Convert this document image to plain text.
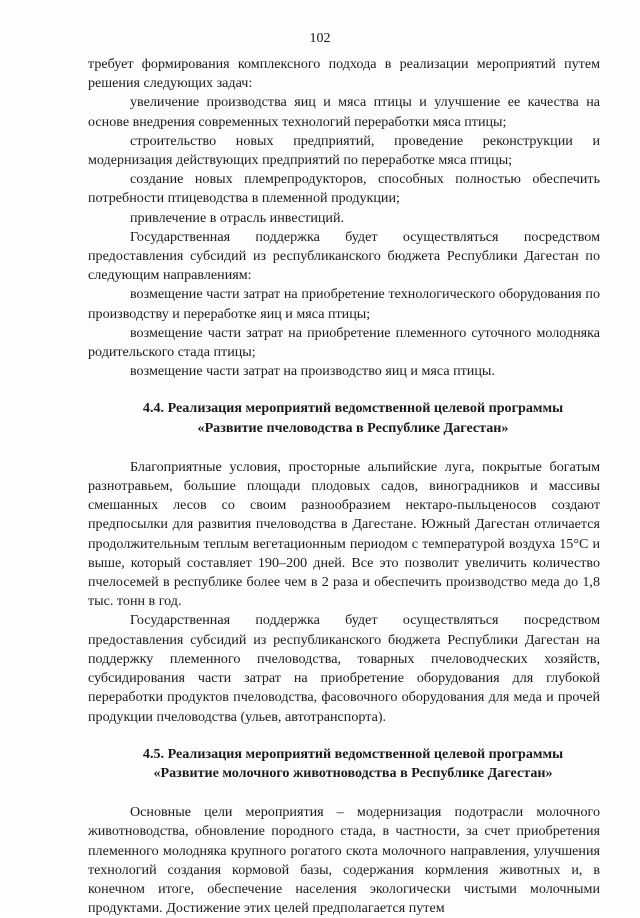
102

требует формирования комплексного подхода в реализации мероприятий путем решения следующих задач:

увеличение производства яиц и мяса птицы и улучшение ее качества на основе внедрения современных технологий переработки мяса птицы;

строительство новых предприятий, проведение реконструкции и модернизация действующих предприятий по переработке мяса птицы;

создание новых племрепродукторов, способных полностью обеспечить потребности птицеводства в племенной продукции;

привлечение в отрасль инвестиций.

Государственная поддержка будет осуществляться посредством предоставления субсидий из республиканского бюджета Республики Дагестан по следующим направлениям:

возмещение части затрат на приобретение технологического оборудования по производству и переработке яиц и мяса птицы;

возмещение части затрат на приобретение племенного суточного молодняка родительского стада птицы;

возмещение части затрат на производство яиц и мяса птицы.

4.4. Реализация мероприятий ведомственной целевой программы
«Развитие пчеловодства в Республике Дагестан»

Благоприятные условия, просторные альпийские луга, покрытые богатым разнотравьем, большие площади плодовых садов, виноградников и массивы смешанных лесов со своим разнообразием нектаро-пыльценосов создают предпосылки для развития пчеловодства в Дагестане. Южный Дагестан отличается продолжительным теплым вегетационным периодом с температурой воздуха 15°С и выше, который составляет 190–200 дней. Все это позволит увеличить количество пчелосемей в республике более чем в 2 раза и обеспечить производство меда до 1,8 тыс. тонн в год.

Государственная поддержка будет осуществляться посредством предоставления субсидий из республиканского бюджета Республики Дагестан на поддержку племенного пчеловодства, товарных пчеловодческих хозяйств, субсидирования части затрат на приобретение оборудования для глубокой переработки продуктов пчеловодства, фасовочного оборудования для меда и прочей продукции пчеловодства (ульев, автотранспорта).

4.5. Реализация мероприятий ведомственной целевой программы
«Развитие молочного животноводства в Республике Дагестан»

Основные цели мероприятия – модернизация подотрасли молочного животноводства, обновление породного стада, в частности, за счет приобретения племенного молодняка крупного рогатого скота молочного направления, улучшения технологий создания кормовой базы, содержания кормления животных и, в конечном итоге, обеспечение населения экологически чистыми молочными продуктами. Достижение этих целей предполагается путем
